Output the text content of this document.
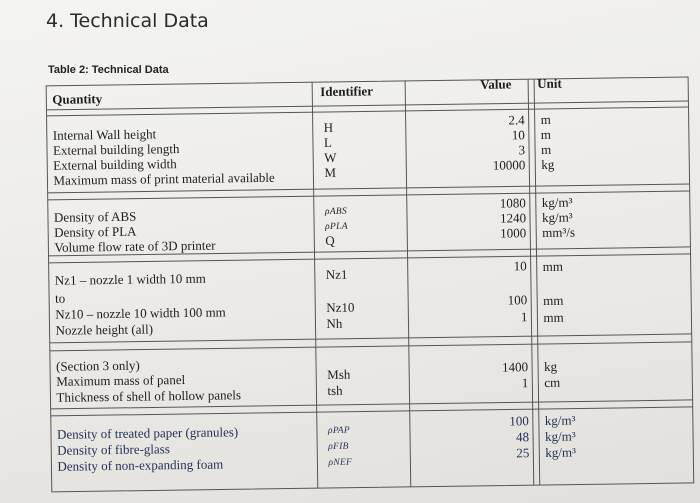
4. Technical Data
Table 2: Technical Data
Quantity	Identifier	Value Unit
Internal Wall height
External building length
External building width
Maximum mass of print material available
H
L
W
M
2.4
10
3
10000
m
m
m
kg
Density of ABS
Density of PLA
Volume flow rate of 3D printer
ρABS
ρPLA
Q
1080
1240
1000
kg/m³
kg/m³
mm³/s
Nz1 – nozzle 1 width 10 mm
to
Nz10 – nozzle 10 width 100 mm
Nozzle height (all)
Nz1
Nz10
Nh
10
100
1
mm
mm
mm
(Section 3 only)
Maximum mass of panel
Thickness of shell of hollow panels
Msh
tsh
1400
1
kg
cm
Density of treated paper (granules)
Density of fibre-glass
Density of non-expanding foam
ρPAP
ρFIB
ρNEF
100
48
25
kg/m³
kg/m³
kg/m³
